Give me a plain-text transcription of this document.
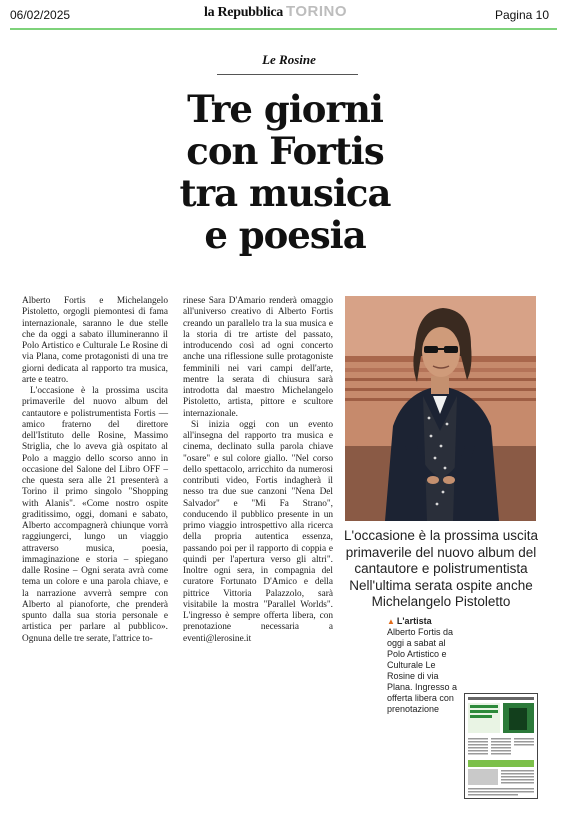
06/02/2025	la Repubblica TORINO	Pagina 10
Le Rosine
Tre giorni
con Fortis
tra musica
e poesia

Alberto Fortis e Michelangelo Pistoletto, orgogli piemontesi di fama internazionale, saranno le due stelle che da oggi a sabato illumineranno il Polo Artistico e Culturale Le Rosine di via Plana, come protagonisti di una tre giorni dedicata al rapporto tra musica, arte e teatro.

L'occasione è la prossima uscita primaverile del nuovo album del cantautore e polistrumentista Fortis — amico fraterno del direttore dell'Istituto delle Rosine, Massimo Striglia, che lo aveva già ospitato al Polo a maggio dello scorso anno in occasione del Salone del Libro OFF – che questa sera alle 21 presenterà a Torino il primo singolo "Shopping with Alanis". «Come nostro ospite graditissimo, oggi, domani e sabato, Alberto accompagnerà chiunque vorrà raggiungerci, lungo un viaggio attraverso musica, poesia, immaginazione e storia – spiegano dalle Rosine – Ogni serata avrà come tema un colore e una parola chiave, e la narrazione avverrà sempre con Alberto al pianoforte, che prenderà spunto dalla sua storia personale e artistica per parlare al pubblico». Ognuna delle tre serate, l'attrice to-

rinese Sara D'Amario renderà omaggio all'universo creativo di Alberto Fortis creando un parallelo tra la sua musica e la storia di tre artiste del passato, introducendo così ad ogni concerto anche una riflessione sulle protagoniste femminili nei vari campi dell'arte, mentre la serata di chiusura sarà introdotta dal maestro Michelangelo Pistoletto, artista, pittore e scultore internazionale.

Si inizia oggi con un evento all'insegna del rapporto tra musica e cinema, declinato sulla parola chiave "osare" e sul colore giallo. "Nel corso dello spettacolo, arricchito da numerosi contributi video, Fortis indagherà il nesso tra due sue canzoni "Nena Del Salvador" e "Mi Fa Strano", conducendo il pubblico presente in un primo viaggio introspettivo alla ricerca della propria autentica essenza, passando poi per il rapporto di coppia e quindi per l'apertura verso gli altri". Inoltre ogni sera, in compagnia del curatore Fortunato D'Amico e della pittrice Vittoria Palazzolo, sarà visitabile la mostra "Parallel Worlds". L'ingresso è sempre offerta libera, con prenotazione necessaria a eventi@lerosine.it

L'occasione è la prossima uscita primaverile del nuovo album del cantautore e polistrumentista Nell'ultima serata ospite anche Michelangelo Pistoletto
▲ L'artista
Alberto Fortis da oggi a sabat al Polo Artistico e Culturale Le Rosine di via Plana. Ingresso a offerta libera con prenotazione
